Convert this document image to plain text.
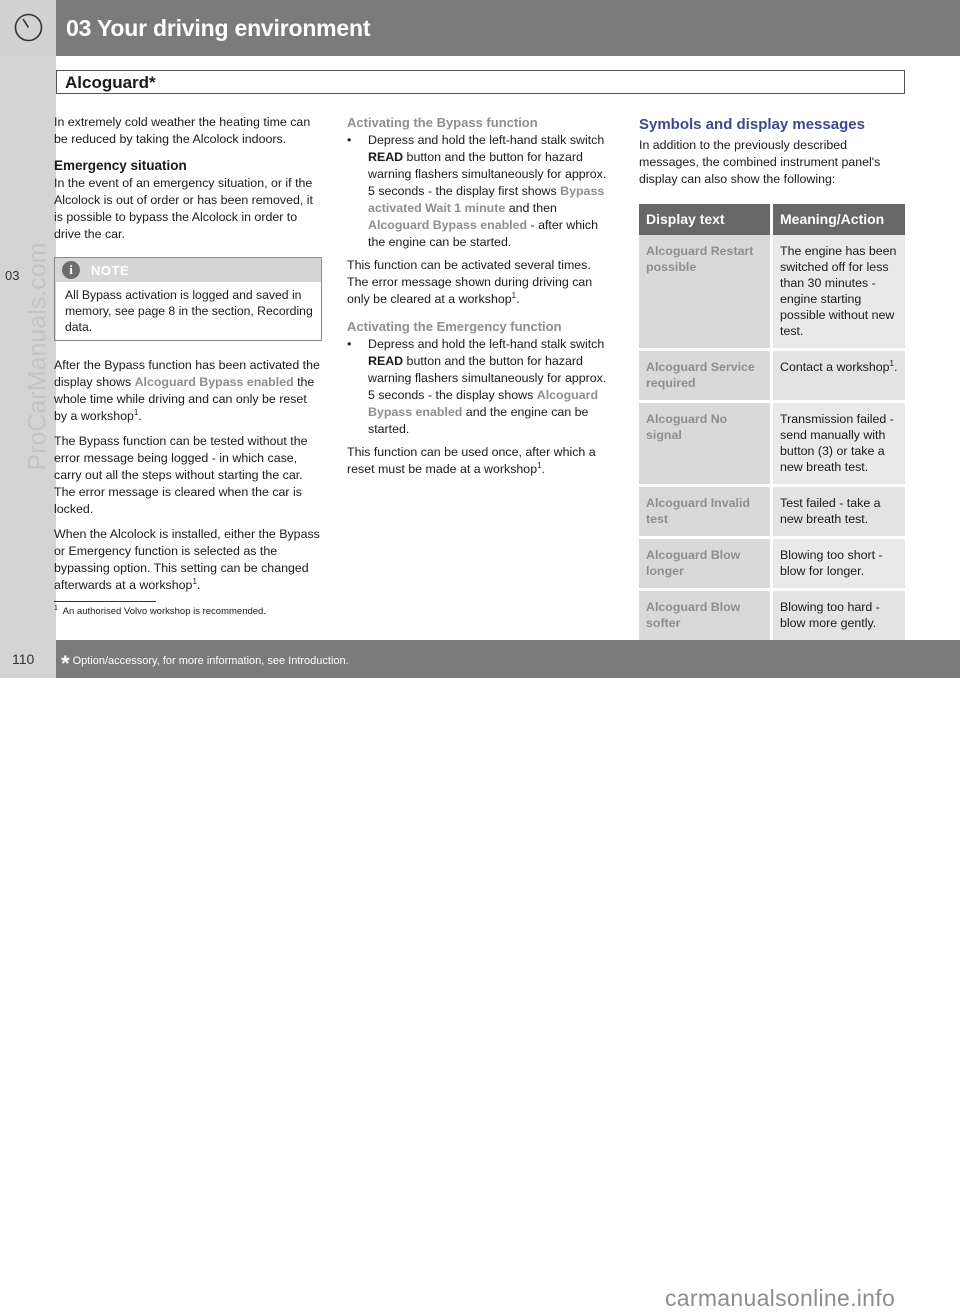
03 Your driving environment
03 ProCarManuals.com
Alcoguard*

In extremely cold weather the heating time can be reduced by taking the Alcolock indoors.

Emergency situation

In the event of an emergency situation, or if the Alcolock is out of order or has been removed, it is possible to bypass the Alcolock in order to drive the car.

i	NOTE
All Bypass activation is logged and saved in memory, see page 8 in the section, Recording data.

After the Bypass function has been activated the display shows Alcoguard Bypass enabled the whole time while driving and can only be reset by a workshop$^1$.

The Bypass function can be tested without the error message being logged - in which case, carry out all the steps without starting the car. The error message is cleared when the car is locked.

When the Alcolock is installed, either the Bypass or Emergency function is selected as the bypassing option. This setting can be changed afterwards at a workshop$^1$.

Activating the Bypass function
•	Depress and hold the left-hand stalk switch READ button and the button for hazard warning flashers simultaneously for approx. 5 seconds - the display first shows Bypass activated Wait 1 minute and then Alcoguard Bypass enabled - after which the engine can be started.

This function can be activated several times. The error message shown during driving can only be cleared at a workshop$^1$.

Activating the Emergency function
•	Depress and hold the left-hand stalk switch READ button and the button for hazard warning flashers simultaneously for approx. 5 seconds - the display shows Alcoguard Bypass enabled and the engine can be started.

This function can be used once, after which a reset must be made at a workshop$^1$.

Symbols and display messages

In addition to the previously described messages, the combined instrument panel's display can also show the following:

Display text	Meaning/Action
Alcoguard Restart possible	The engine has been switched off for less than 30 minutes - engine starting possible without new test.
Alcoguard Service required	Contact a workshop$^1$.
Alcoguard No signal	Transmission failed - send manually with button (3) or take a new breath test.
Alcoguard Invalid test	Test failed - take a new breath test.
Alcoguard Blow longer	Blowing too short - blow for longer.
Alcoguard Blow softer	Blowing too hard - blow more gently.
$^1$ An authorised Volvo workshop is recommended.
110 * Option/accessory, for more information, see Introduction.
carmanualsonline.info
